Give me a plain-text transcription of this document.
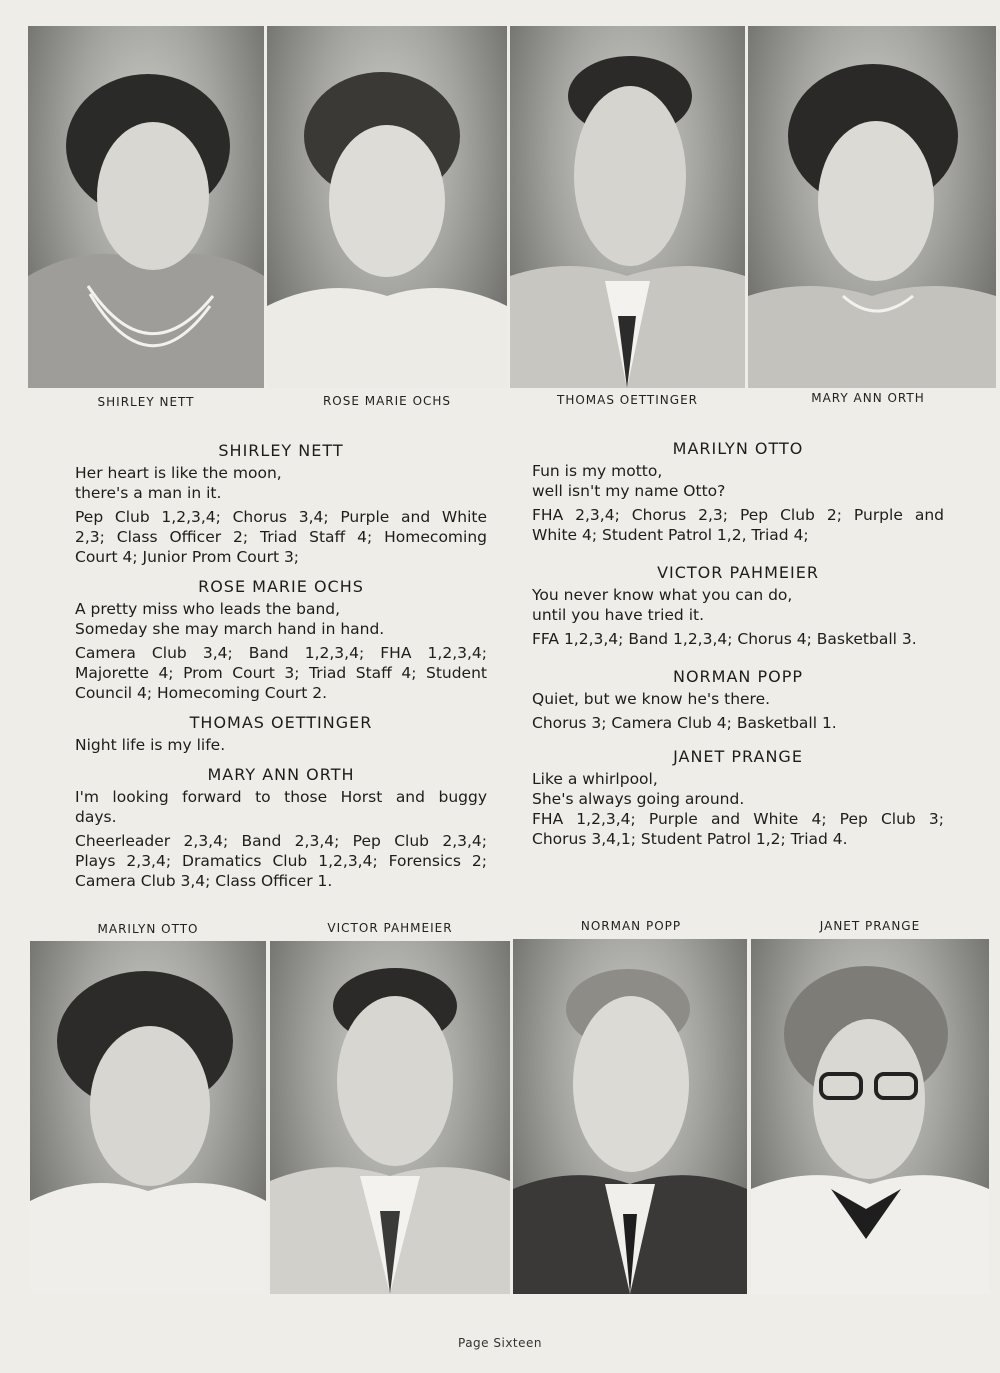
SHIRLEY NETT	ROSE MARIE OCHS	THOMAS OETTINGER	MARY ANN ORTH
SHIRLEY NETT
Her heart is like the moon,
there's a man in it.
Pep Club 1,2,3,4; Chorus 3,4; Purple and White
2,3; Class Officer 2; Triad Staff 4; Homecoming
Court 4; Junior Prom Court 3;
ROSE MARIE OCHS
A pretty miss who leads the band,
Someday she may march hand in hand.
Camera Club 3,4; Band 1,2,3,4; FHA 1,2,3,4;
Majorette 4; Prom Court 3; Triad Staff 4; Student
Council 4; Homecoming Court 2.
THOMAS OETTINGER
Night life is my life.
MARY ANN ORTH
I'm looking forward to those Horst and buggy
days.
Cheerleader 2,3,4; Band 2,3,4; Pep Club 2,3,4;
Plays 2,3,4; Dramatics Club 1,2,3,4; Forensics 2;
Camera Club 3,4; Class Officer 1.
MARILYN OTTO
Fun is my motto,
well isn't my name Otto?
FHA 2,3,4; Chorus 2,3; Pep Club 2; Purple and
White 4; Student Patrol 1,2, Triad 4;
VICTOR PAHMEIER
You never know what you can do,
until you have tried it.
FFA 1,2,3,4; Band 1,2,3,4; Chorus 4; Basketball 3.
NORMAN POPP
Quiet, but we know he's there.
Chorus 3; Camera Club 4; Basketball 1.
JANET PRANGE
Like a whirlpool,
She's always going around.
FHA 1,2,3,4; Purple and White 4; Pep Club 3;
Chorus 3,4,1; Student Patrol 1,2; Triad 4.
MARILYN OTTO	VICTOR PAHMEIER	NORMAN POPP	JANET PRANGE
Page Sixteen
